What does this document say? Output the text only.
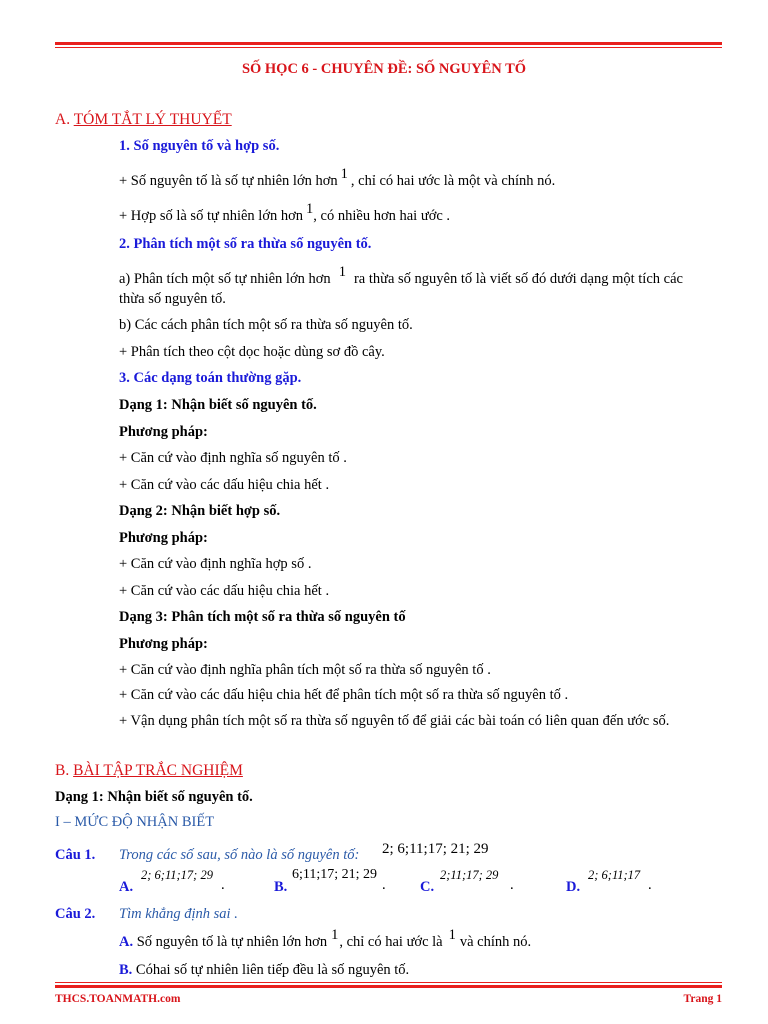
SỐ HỌC 6 - CHUYÊN ĐỀ: SỐ NGUYÊN TỐ
A. TÓM TẮT LÝ THUYẾT
1. Số nguyên tố và hợp số.
+ Số nguyên tố là số tự nhiên lớn hơn 1 , chỉ có hai ước là một và chính nó.
+ Hợp số là số tự nhiên lớn hơn 1, có nhiều hơn hai ước .
2. Phân tích một số ra thừa số nguyên tố.
a) Phân tích một số tự nhiên lớn hơn 1 ra thừa số nguyên tố là viết số đó dưới dạng một tích các
thừa số nguyên tố.
b) Các cách phân tích một số ra thừa số nguyên tố.
+ Phân tích theo cột dọc hoặc dùng sơ đồ cây.
3. Các dạng toán thường gặp.
Dạng 1: Nhận biết số nguyên tố.
Phương pháp:
+ Căn cứ vào định nghĩa số nguyên tố .
+ Căn cứ vào các dấu hiệu chia hết .
Dạng 2: Nhận biết hợp số.
Phương pháp:
+ Căn cứ vào định nghĩa hợp số .
+ Căn cứ vào các dấu hiệu chia hết .
Dạng 3: Phân tích một số ra thừa số nguyên tố
Phương pháp:
+ Căn cứ vào định nghĩa phân tích một số ra thừa số nguyên tố .
+ Căn cứ vào các dấu hiệu chia hết để phân tích một số ra thừa số nguyên tố .
+ Vận dụng phân tích một số ra thừa số nguyên tố để giải các bài toán có liên quan đến ước số.
B. BÀI TẬP TRẮC NGHIỆM
Dạng 1: Nhận biết số nguyên tố.
I – MỨC ĐỘ NHẬN BIẾT
Câu 1. Trong các số sau, số nào là số nguyên tố: 2; 6;11;17; 21; 29
A.
2; 6;11;17; 29
.	B.
6;11;17; 21; 29
. C.
2;11;17; 29
.	D.
2; 6;11;17
.
Câu 2. Tìm khẳng định sai .
A. Số nguyên tố là tự nhiên lớn hơn 1, chỉ có hai ước là 1 và chính nó.
B. Cóhai số tự nhiên liên tiếp đều là số nguyên tố.
THCS.TOANMATH.com	Trang 1
